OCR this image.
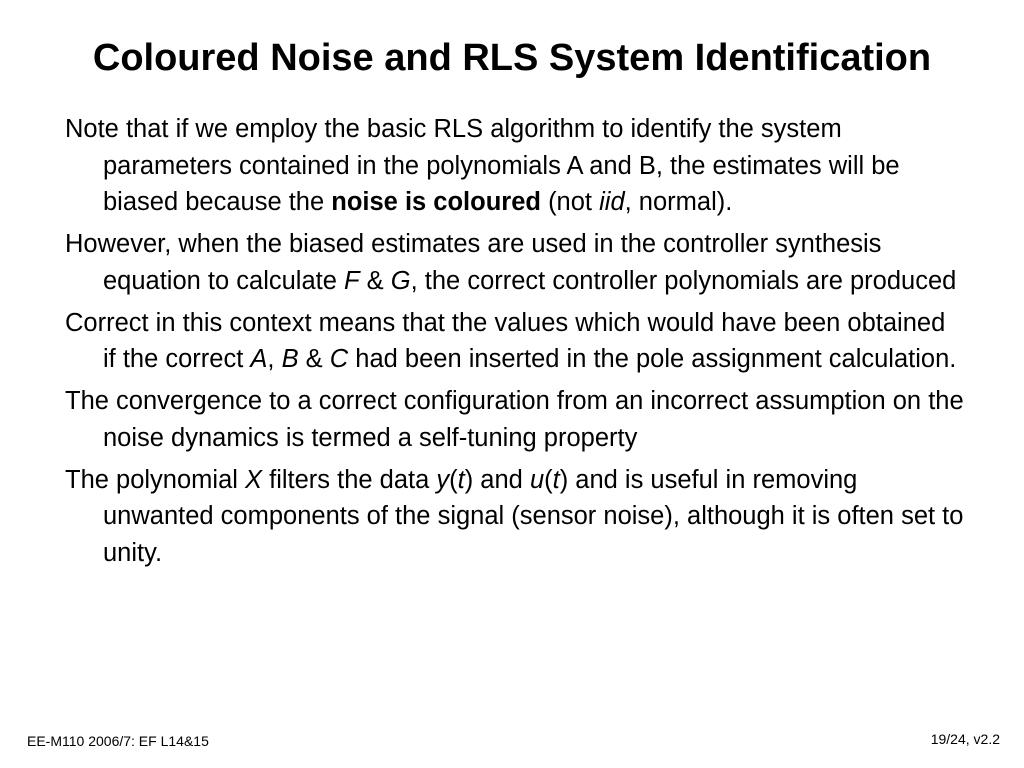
Coloured Noise and RLS System Identification

Note that if we employ the basic RLS algorithm to identify the system parameters contained in the polynomials A and B, the estimates will be biased because the noise is coloured (not iid, normal).

However, when the biased estimates are used in the controller synthesis equation to calculate F & G, the correct controller polynomials are produced

Correct in this context means that the values which would have been obtained if the correct A, B & C had been inserted in the pole assignment calculation.

The convergence to a correct configuration from an incorrect assumption on the noise dynamics is termed a self-tuning property

The polynomial X filters the data y(t) and u(t) and is useful in removing unwanted components of the signal (sensor noise), although it is often set to unity.

EE-M110 2006/7: EF L14&15	19/24, v2.2
